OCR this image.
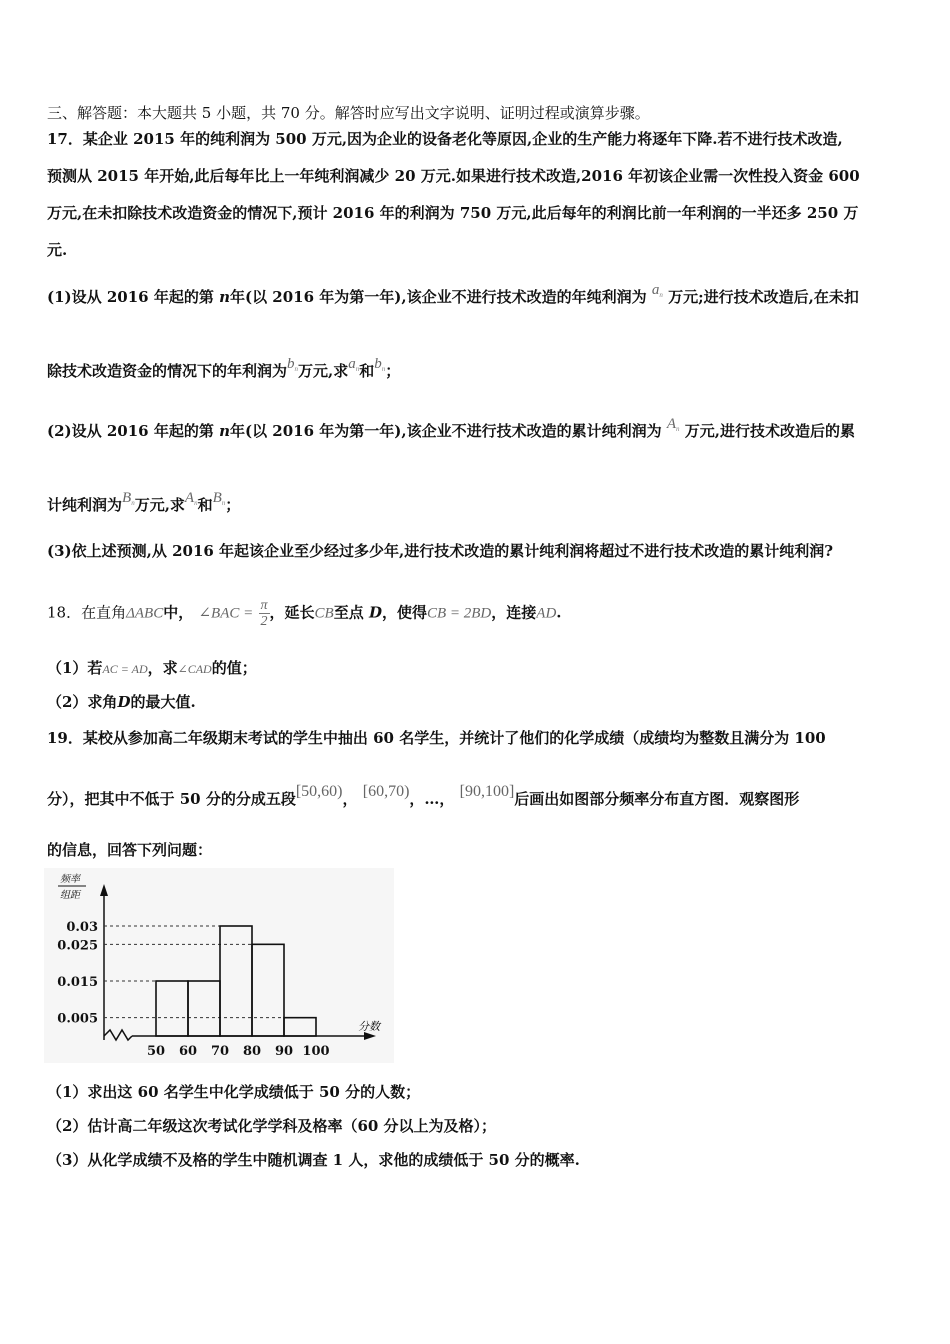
三、解答题：本大题共 5 小题，共 70 分。解答时应写出文字说明、证明过程或演算步骤。
17．某企业 2015 年的纯利润为 500 万元,因为企业的设备老化等原因,企业的生产能力将逐年下降.若不进行技术改造,
预测从 2015 年开始,此后每年比上一年纯利润减少 20 万元.如果进行技术改造,2016 年初该企业需一次性投入资金 600
万元,在未扣除技术改造资金的情况下,预计 2016 年的利润为 750 万元,此后每年的利润比前一年利润的一半还多 250 万
元.
(1)设从 2016 年起的第 n年(以 2016 年为第一年),该企业不进行技术改造的年纯利润为 $a_n$ 万元;进行技术改造后,在未扣
除技术改造资金的情况下的年利润为$b_n$万元,求$a_n$和$b_n$；
(2)设从 2016 年起的第 n年(以 2016 年为第一年),该企业不进行技术改造的累计纯利润为 $A_n$ 万元,进行技术改造后的累
计纯利润为$B_n$万元,求$A_n$和$B_n$；
(3)依上述预测,从 2016 年起该企业至少经过多少年,进行技术改造的累计纯利润将超过不进行技术改造的累计纯利润?
18．在直角ΔABC中， ∠BAC = $\frac{\pi}{2}$ ，延长CB至点 D，使得CB = 2BD，连接AD.
（1）若AC = AD，求∠CAD的值；
（2）求角D的最大值.
19．某校从参加高二年级期末考试的学生中抽出 60 名学生，并统计了他们的化学成绩（成绩均为整数且满分为 100
分），把其中不低于 50 分的分成五段[50,60)， [60,70)，…， [90,100]后画出如图部分频率分布直方图．观察图形
的信息，回答下列问题：
频率
组距
分数
0.03
0.025
0.015
0.005
50 60 70 80 90 100
（1）求出这 60 名学生中化学成绩低于 50 分的人数；
（2）估计高二年级这次考试化学学科及格率（60 分以上为及格）；
（3）从化学成绩不及格的学生中随机调查 1 人，求他的成绩低于 50 分的概率.
